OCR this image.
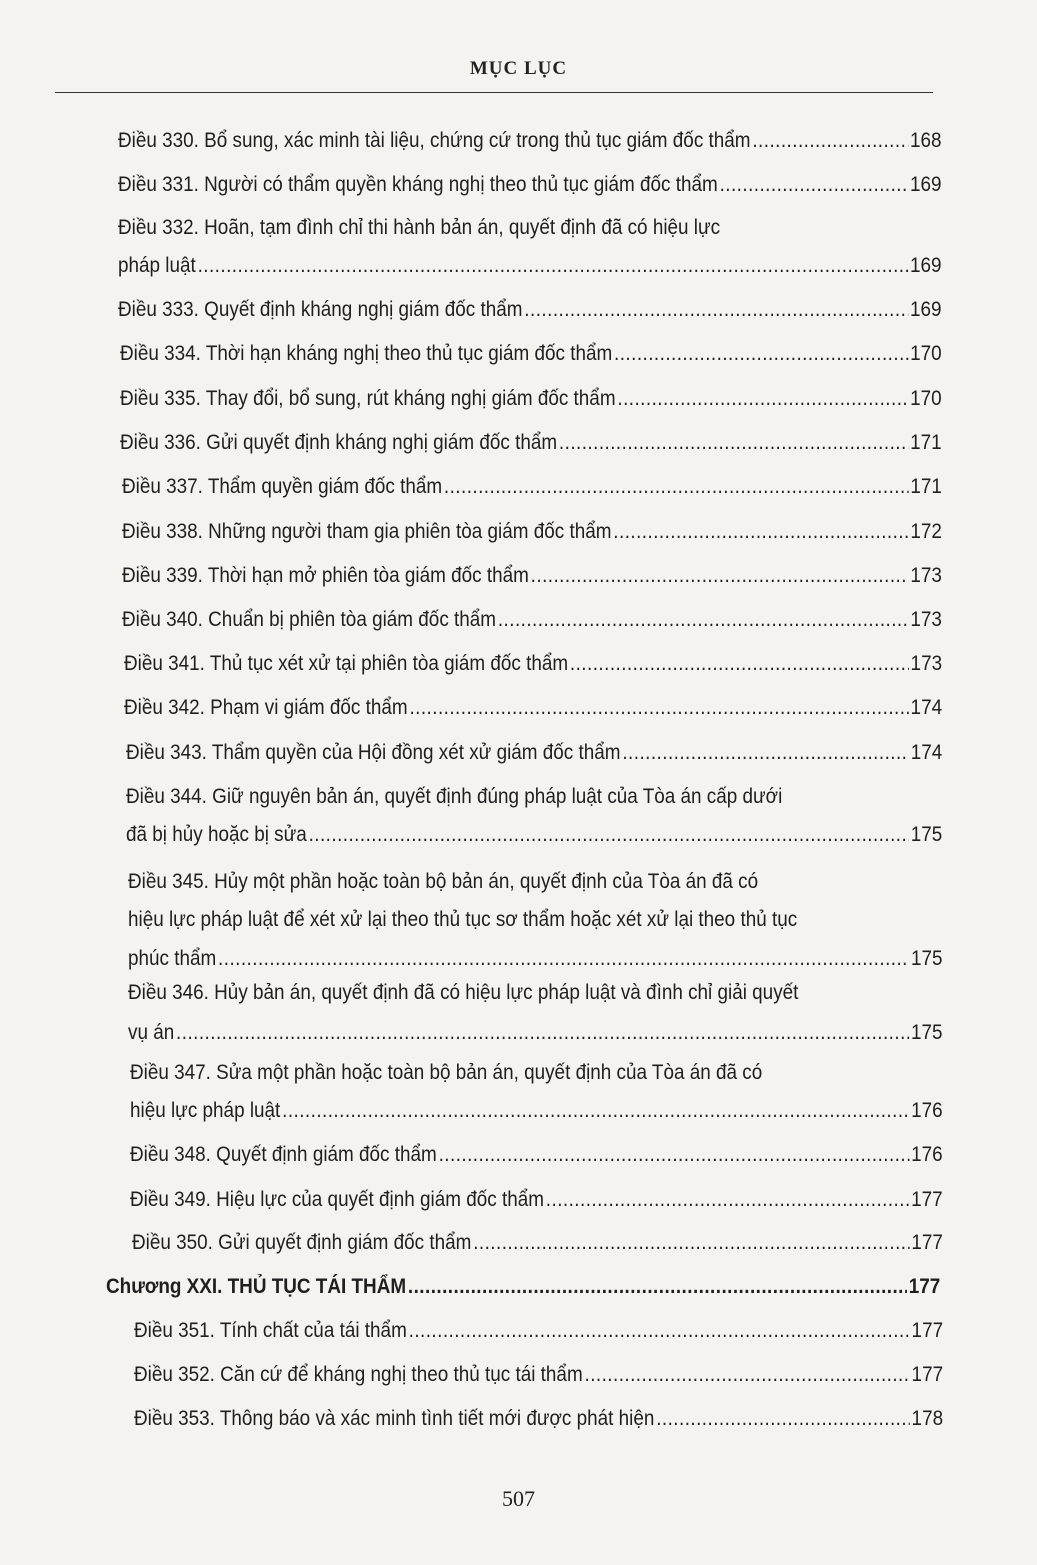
MỤC LỤC
Điều 330. Bổ sung, xác minh tài liệu, chứng cứ trong thủ tục giám đốc thẩm .....	168
Điều 331. Người có thẩm quyền kháng nghị theo thủ tục giám đốc thẩm .....	169
Điều 332. Hoãn, tạm đình chỉ thi hành bản án, quyết định đã có hiệu lực
pháp luật .....	169
Điều 333. Quyết định kháng nghị giám đốc thẩm .....	169
Điều 334. Thời hạn kháng nghị theo thủ tục giám đốc thẩm .....	170
Điều 335. Thay đổi, bổ sung, rút kháng nghị giám đốc thẩm .....	170
Điều 336. Gửi quyết định kháng nghị giám đốc thẩm .....	171
Điều 337. Thẩm quyền giám đốc thẩm .....	171
Điều 338. Những người tham gia phiên tòa giám đốc thẩm .....	172
Điều 339. Thời hạn mở phiên tòa giám đốc thẩm .....	173
Điều 340. Chuẩn bị phiên tòa giám đốc thẩm .....	173
Điều 341. Thủ tục xét xử tại phiên tòa giám đốc thẩm .....	173
Điều 342. Phạm vi giám đốc thẩm .....	174
Điều 343. Thẩm quyền của Hội đồng xét xử giám đốc thẩm .....	174
Điều 344. Giữ nguyên bản án, quyết định đúng pháp luật của Tòa án cấp dưới
đã bị hủy hoặc bị sửa .....	175
Điều 345. Hủy một phần hoặc toàn bộ bản án, quyết định của Tòa án đã có
hiệu lực pháp luật để xét xử lại theo thủ tục sơ thẩm hoặc xét xử lại theo thủ tục
phúc thẩm .....	175
Điều 346. Hủy bản án, quyết định đã có hiệu lực pháp luật và đình chỉ giải quyết
vụ án .....	175
Điều 347. Sửa một phần hoặc toàn bộ bản án, quyết định của Tòa án đã có
hiệu lực pháp luật .....	176
Điều 348. Quyết định giám đốc thẩm .....	176
Điều 349. Hiệu lực của quyết định giám đốc thẩm .....	177
Điều 350. Gửi quyết định giám đốc thẩm .....	177
Chương XXI. THỦ TỤC TÁI THẨM .....	177
Điều 351. Tính chất của tái thẩm .....	177
Điều 352. Căn cứ để kháng nghị theo thủ tục tái thẩm .....	177
Điều 353. Thông báo và xác minh tình tiết mới được phát hiện .....	178
507
